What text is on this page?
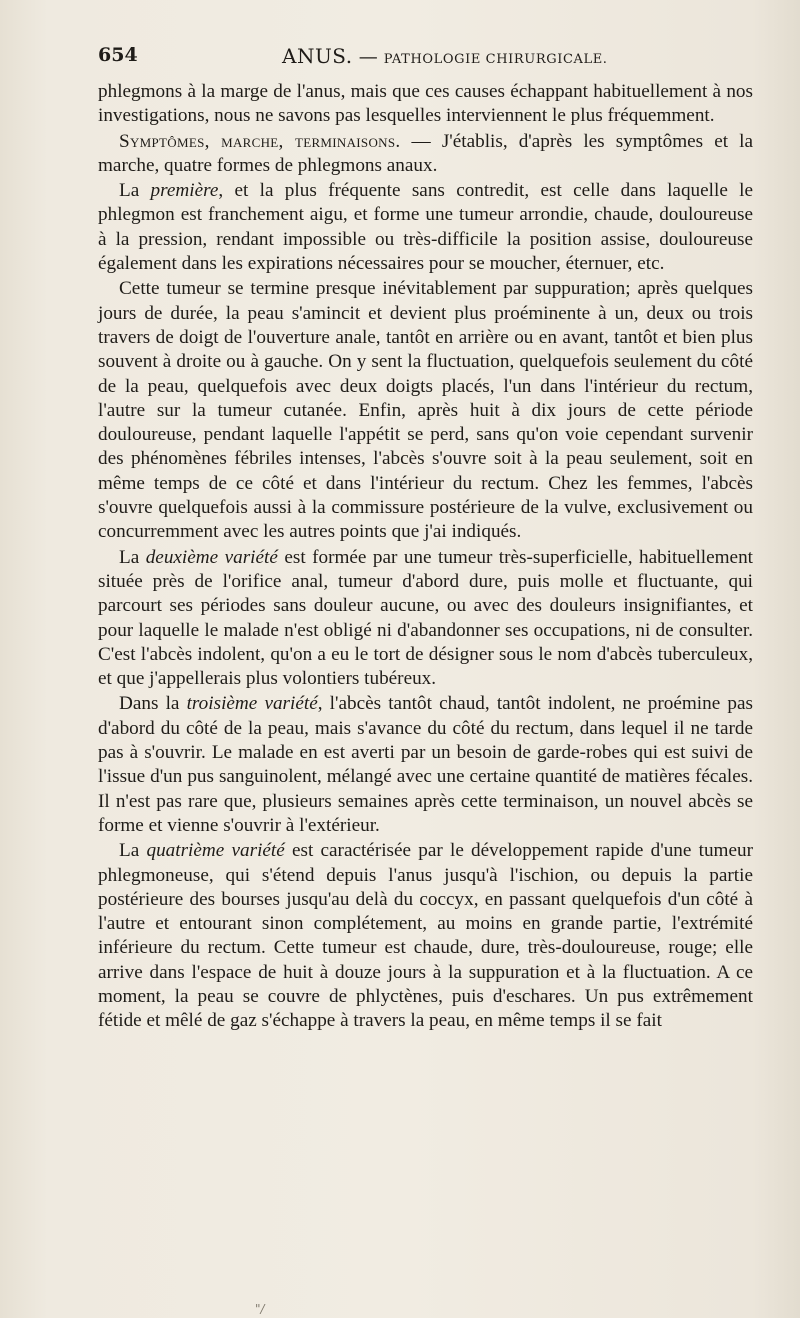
654	ANUS. — PATHOLOGIE CHIRURGICALE.

phlegmons à la marge de l'anus, mais que ces causes échappant habituellement à nos investigations, nous ne savons pas lesquelles interviennent le plus fréquemment.

Symptômes, marche, terminaisons. — J'établis, d'après les symptômes et la marche, quatre formes de phlegmons anaux.

La première, et la plus fréquente sans contredit, est celle dans laquelle le phlegmon est franchement aigu, et forme une tumeur arrondie, chaude, douloureuse à la pression, rendant impossible ou très-difficile la position assise, douloureuse également dans les expirations nécessaires pour se moucher, éternuer, etc.

Cette tumeur se termine presque inévitablement par suppuration; après quelques jours de durée, la peau s'amincit et devient plus proéminente à un, deux ou trois travers de doigt de l'ouverture anale, tantôt en arrière ou en avant, tantôt et bien plus souvent à droite ou à gauche. On y sent la fluctuation, quelquefois seulement du côté de la peau, quelquefois avec deux doigts placés, l'un dans l'intérieur du rectum, l'autre sur la tumeur cutanée. Enfin, après huit à dix jours de cette période douloureuse, pendant laquelle l'appétit se perd, sans qu'on voie cependant survenir des phénomènes fébriles intenses, l'abcès s'ouvre soit à la peau seulement, soit en même temps de ce côté et dans l'intérieur du rectum. Chez les femmes, l'abcès s'ouvre quelquefois aussi à la commissure postérieure de la vulve, exclusivement ou concurremment avec les autres points que j'ai indiqués.

La deuxième variété est formée par une tumeur très-superficielle, habituellement située près de l'orifice anal, tumeur d'abord dure, puis molle et fluctuante, qui parcourt ses périodes sans douleur aucune, ou avec des douleurs insignifiantes, et pour laquelle le malade n'est obligé ni d'abandonner ses occupations, ni de consulter. C'est l'abcès indolent, qu'on a eu le tort de désigner sous le nom d'abcès tuberculeux, et que j'appellerais plus volontiers tubéreux.

Dans la troisième variété, l'abcès tantôt chaud, tantôt indolent, ne proémine pas d'abord du côté de la peau, mais s'avance du côté du rectum, dans lequel il ne tarde pas à s'ouvrir. Le malade en est averti par un besoin de garde-robes qui est suivi de l'issue d'un pus sanguinolent, mélangé avec une certaine quantité de matières fécales. Il n'est pas rare que, plusieurs semaines après cette terminaison, un nouvel abcès se forme et vienne s'ouvrir à l'extérieur.

La quatrième variété est caractérisée par le développement rapide d'une tumeur phlegmoneuse, qui s'étend depuis l'anus jusqu'à l'ischion, ou depuis la partie postérieure des bourses jusqu'au delà du coccyx, en passant quelquefois d'un côté à l'autre et entourant sinon complétement, au moins en grande partie, l'extrémité inférieure du rectum. Cette tumeur est chaude, dure, très-douloureuse, rouge; elle arrive dans l'espace de huit à douze jours à la suppuration et à la fluctuation. A ce moment, la peau se couvre de phlyctènes, puis d'eschares. Un pus extrêmement fétide et mêlé de gaz s'échappe à travers la peau, en même temps il se fait

"/
